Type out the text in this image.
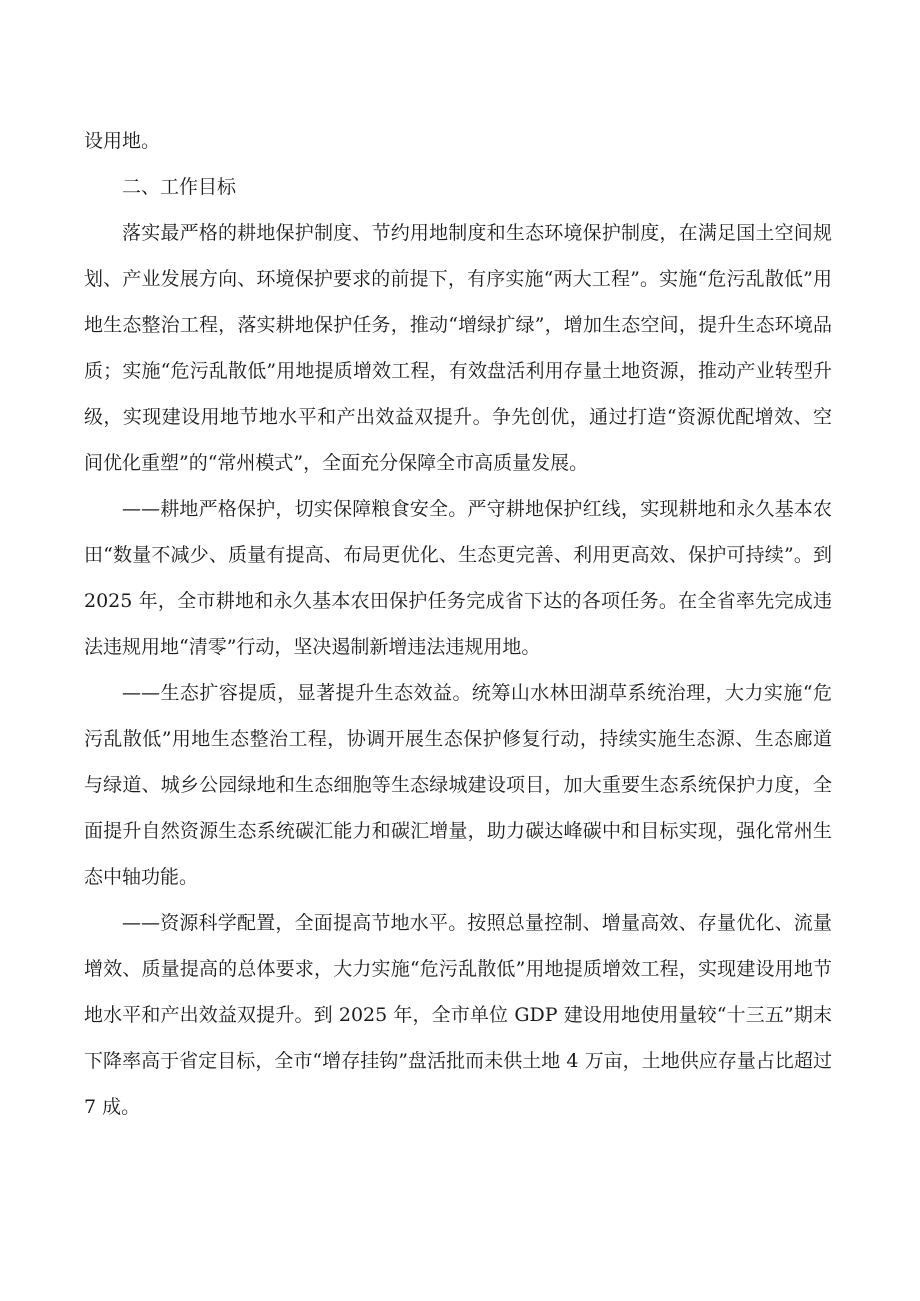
设用地。

二、工作目标

落实最严格的耕地保护制度、节约用地制度和生态环境保护制度，在满足国土空间规划、产业发展方向、环境保护要求的前提下，有序实施“两大工程”。实施“危污乱散低”用地生态整治工程，落实耕地保护任务，推动“增绿扩绿”，增加生态空间，提升生态环境品质；实施“危污乱散低”用地提质增效工程，有效盘活利用存量土地资源，推动产业转型升级，实现建设用地节地水平和产出效益双提升。争先创优，通过打造“资源优配增效、空间优化重塑”的“常州模式”，全面充分保障全市高质量发展。

——耕地严格保护，切实保障粮食安全。严守耕地保护红线，实现耕地和永久基本农田“数量不减少、质量有提高、布局更优化、生态更完善、利用更高效、保护可持续”。到 2025 年，全市耕地和永久基本农田保护任务完成省下达的各项任务。在全省率先完成违法违规用地“清零”行动，坚决遏制新增违法违规用地。

——生态扩容提质，显著提升生态效益。统筹山水林田湖草系统治理，大力实施“危污乱散低”用地生态整治工程，协调开展生态保护修复行动，持续实施生态源、生态廊道与绿道、城乡公园绿地和生态细胞等生态绿城建设项目，加大重要生态系统保护力度，全面提升自然资源生态系统碳汇能力和碳汇增量，助力碳达峰碳中和目标实现，强化常州生态中轴功能。

——资源科学配置，全面提高节地水平。按照总量控制、增量高效、存量优化、流量增效、质量提高的总体要求，大力实施“危污乱散低”用地提质增效工程，实现建设用地节地水平和产出效益双提升。到 2025 年，全市单位 GDP 建设用地使用量较“十三五”期末下降率高于省定目标，全市“增存挂钩”盘活批而未供土地 4 万亩，土地供应存量占比超过 7 成。
